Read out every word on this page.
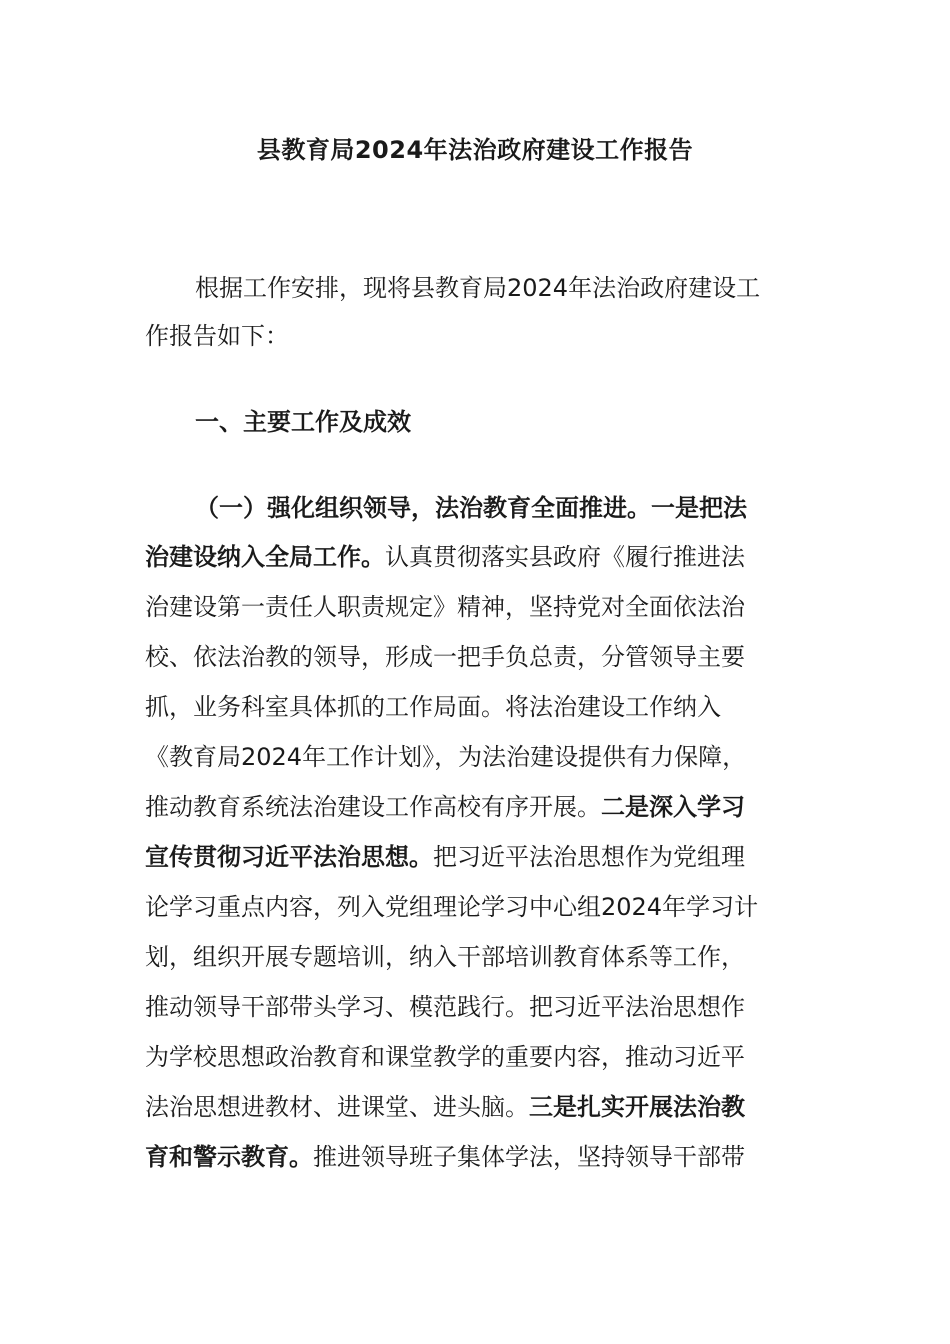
县教育局2024年法治政府建设工作报告
根据工作安排，现将县教育局2024年法治政府建设工
作报告如下：
一、主要工作及成效
（一）强化组织领导，法治教育全面推进。一是把法
治建设纳入全局工作。认真贯彻落实县政府《履行推进法
治建设第一责任人职责规定》精神，坚持党对全面依法治
校、依法治教的领导，形成一把手负总责，分管领导主要
抓，业务科室具体抓的工作局面。将法治建设工作纳入
《教育局2024年工作计划》，为法治建设提供有力保障，
推动教育系统法治建设工作高校有序开展。二是深入学习
宣传贯彻习近平法治思想。把习近平法治思想作为党组理
论学习重点内容，列入党组理论学习中心组2024年学习计
划，组织开展专题培训，纳入干部培训教育体系等工作，
推动领导干部带头学习、模范践行。把习近平法治思想作
为学校思想政治教育和课堂教学的重要内容，推动习近平
法治思想进教材、进课堂、进头脑。三是扎实开展法治教
育和警示教育。推进领导班子集体学法，坚持领导干部带
